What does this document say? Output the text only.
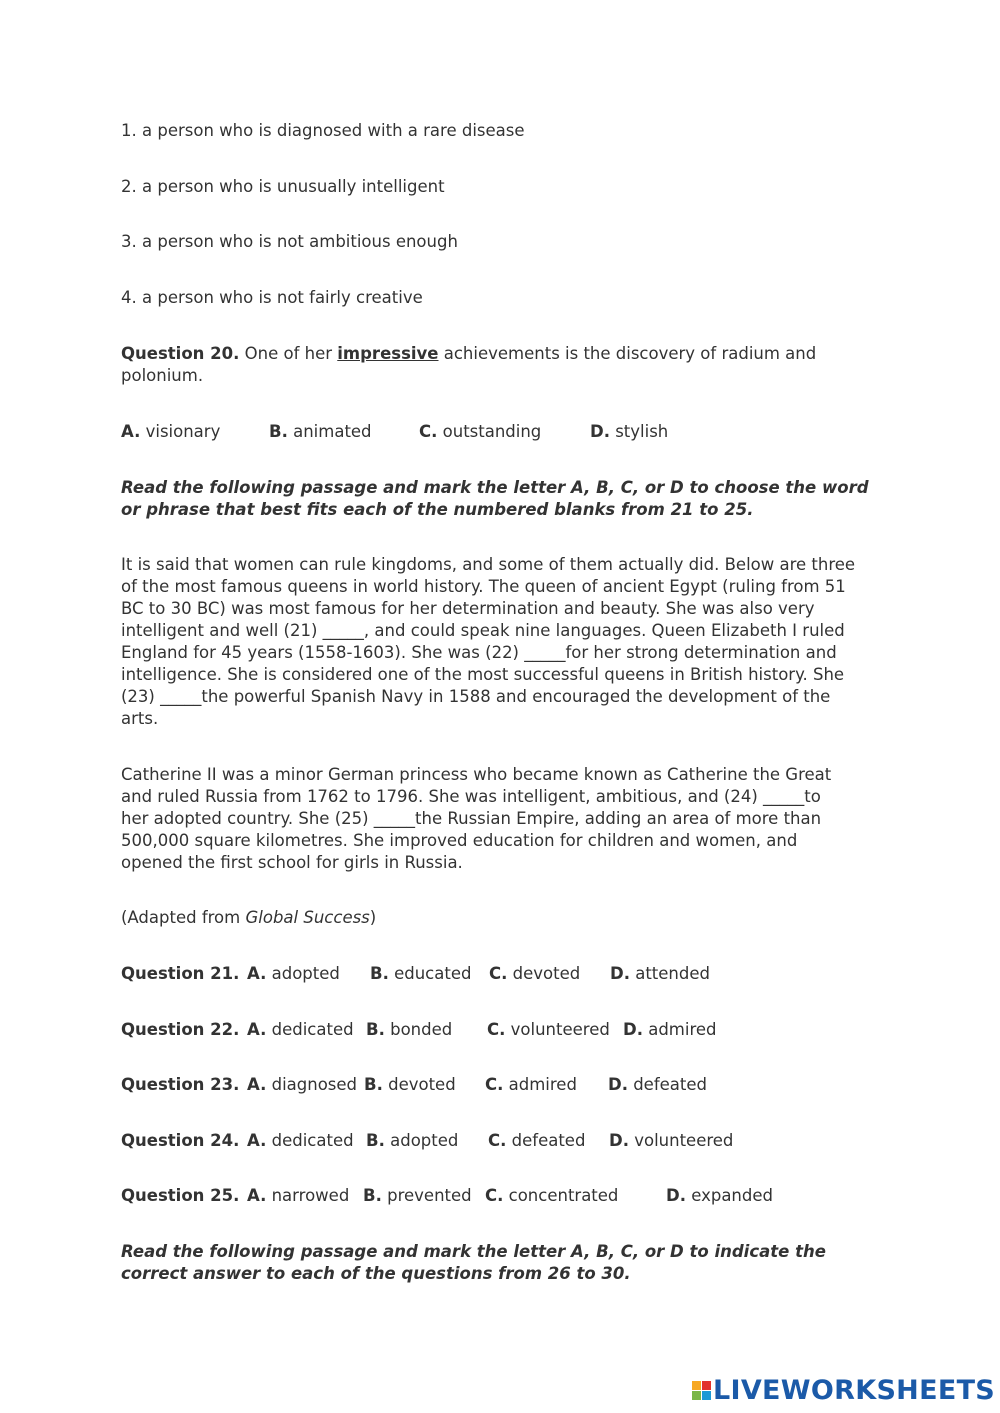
1. a person who is diagnosed with a rare disease
2. a person who is unusually intelligent
3. a person who is not ambitious enough
4. a person who is not fairly creative
Question 20. One of her impressive achievements is the discovery of radium and
polonium.
A. visionary	B. animated	C. outstanding	D. stylish
Read the following passage and mark the letter A, B, C, or D to choose the word
or phrase that best fits each of the numbered blanks from 21 to 25.
It is said that women can rule kingdoms, and some of them actually did. Below are three
of the most famous queens in world history. The queen of ancient Egypt (ruling from 51
BC to 30 BC) was most famous for her determination and beauty. She was also very
intelligent and well (21) _____, and could speak nine languages. Queen Elizabeth I ruled
England for 45 years (1558-1603). She was (22) _____for her strong determination and
intelligence. She is considered one of the most successful queens in British history. She
(23) _____the powerful Spanish Navy in 1588 and encouraged the development of the
arts.
Catherine II was a minor German princess who became known as Catherine the Great
and ruled Russia from 1762 to 1796. She was intelligent, ambitious, and (24) _____to
her adopted country. She (25) _____the Russian Empire, adding an area of more than
500,000 square kilometres. She improved education for children and women, and
opened the first school for girls in Russia.
(Adapted from Global Success)
Question 21. A. adopted B. educated C. devoted D. attended
Question 22. A. dedicated B. bonded C. volunteered D. admired
Question 23. A. diagnosed B. devoted C. admired D. defeated
Question 24. A. dedicated B. adopted C. defeated D. volunteered
Question 25. A. narrowed B. prevented C. concentrated	D. expanded
Read the following passage and mark the letter A, B, C, or D to indicate the
correct answer to each of the questions from 26 to 30.
LIVEWORKSHEETS
